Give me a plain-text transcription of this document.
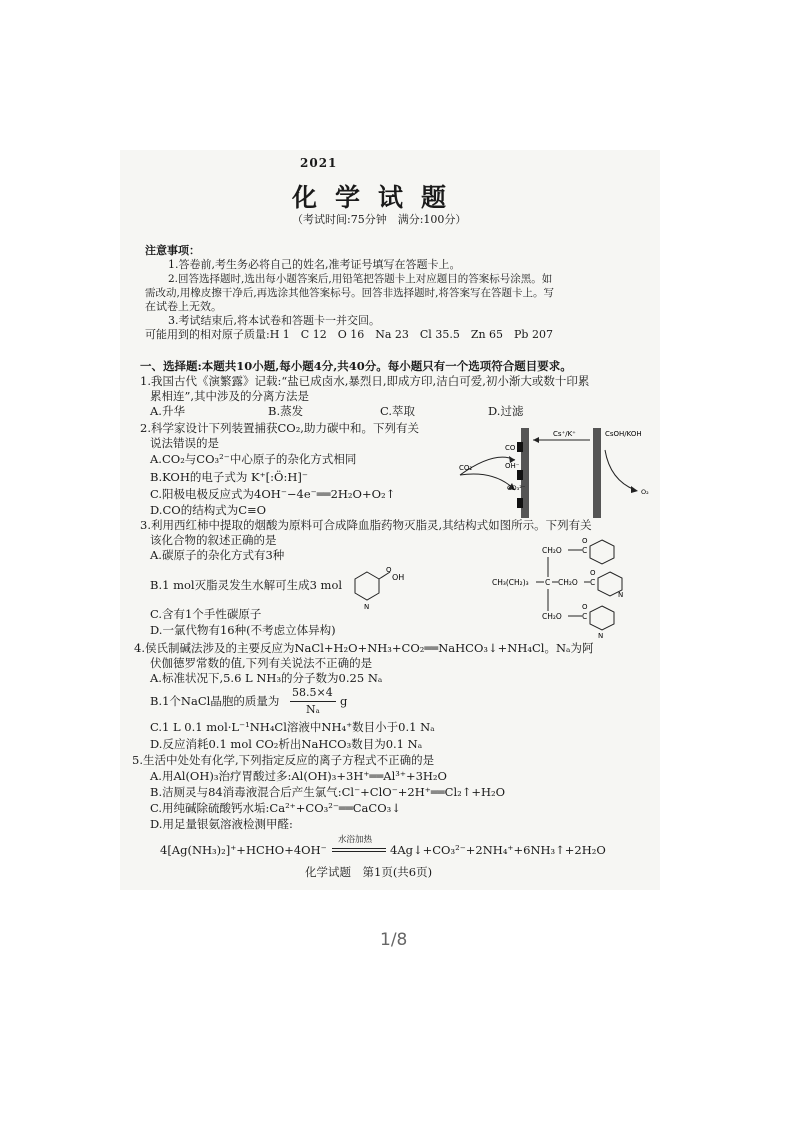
2021
化学试题
（考试时间:75分钟　满分:100分）
注意事项：
1.答卷前,考生务必将自己的姓名,准考证号填写在答题卡上。
2.回答选择题时,选出每小题答案后,用铅笔把答题卡上对应题目的答案标号涂黑。如
需改动,用橡皮擦干净后,再选涂其他答案标号。回答非选择题时,将答案写在答题卡上。写
在试卷上无效。
3.考试结束后,将本试卷和答题卡一并交回。
可能用到的相对原子质量:H 1　C 12　O 16　Na 23　Cl 35.5　Zn 65　Pb 207
一、选择题:本题共10小题,每小题4分,共40分。每小题只有一个选项符合题目要求。
1.我国古代《演繁露》记载:“盐已成卤水,暴烈日,即成方印,洁白可爱,初小渐大或数十印累
累相连”,其中涉及的分离方法是
A.升华	B.蒸发	C.萃取	D.过滤
2.科学家设计下列装置捕获CO₂,助力碳中和。下列有关
说法错误的是
A.CO₂与CO₃²⁻中心原子的杂化方式相同
B.KOH的电子式为 K⁺[:Ö:H]⁻
C.阳极电极反应式为4OH⁻−4e⁻══2H₂O+O₂↑
D.CO的结构式为C≡O
CO₂
CO
OH⁻
CO₃²⁻
Cs⁺/K⁺	CsOH/KOH
O₂
3.利用西红柿中提取的烟酸为原料可合成降血脂药物灭脂灵,其结构式如图所示。下列有关
该化合物的叙述正确的是
A.碳原子的杂化方式有3种
B.1 mol灭脂灵发生水解可生成3 mol
O
OH
N
C.含有1个手性碳原子
D.一氯代物有16种(不考虑立体异构)
CH₂O	C
O
CH₃(CH₂)₃ C CH₂O C
O
N
CH₂O	C
O
N
4.侯氏制碱法涉及的主要反应为NaCl+H₂O+NH₃+CO₂══NaHCO₃↓+NH₄Cl。Nₐ为阿
伏伽德罗常数的值,下列有关说法不正确的是
A.标准状况下,5.6 L NH₃的分子数为0.25 Nₐ
B.1个NaCl晶胞的质量为
58.5×4
Nₐ
g
C.1 L 0.1 mol·L⁻¹NH₄Cl溶液中NH₄⁺数目小于0.1 Nₐ
D.反应消耗0.1 mol CO₂析出NaHCO₃数目为0.1 Nₐ
5.生活中处处有化学,下列指定反应的离子方程式不正确的是
A.用Al(OH)₃治疗胃酸过多:Al(OH)₃+3H⁺══Al³⁺+3H₂O
B.洁厕灵与84消毒液混合后产生氯气:Cl⁻+ClO⁻+2H⁺══Cl₂↑+H₂O
C.用纯碱除硫酸钙水垢:Ca²⁺+CO₃²⁻══CaCO₃↓
D.用足量银氨溶液检测甲醛:
4[Ag(NH₃)₂]⁺+HCHO+4OH⁻
水浴加热
4Ag↓+CO₃²⁻+2NH₄⁺+6NH₃↑+2H₂O
化学试题　第1页(共6页)
1/8
